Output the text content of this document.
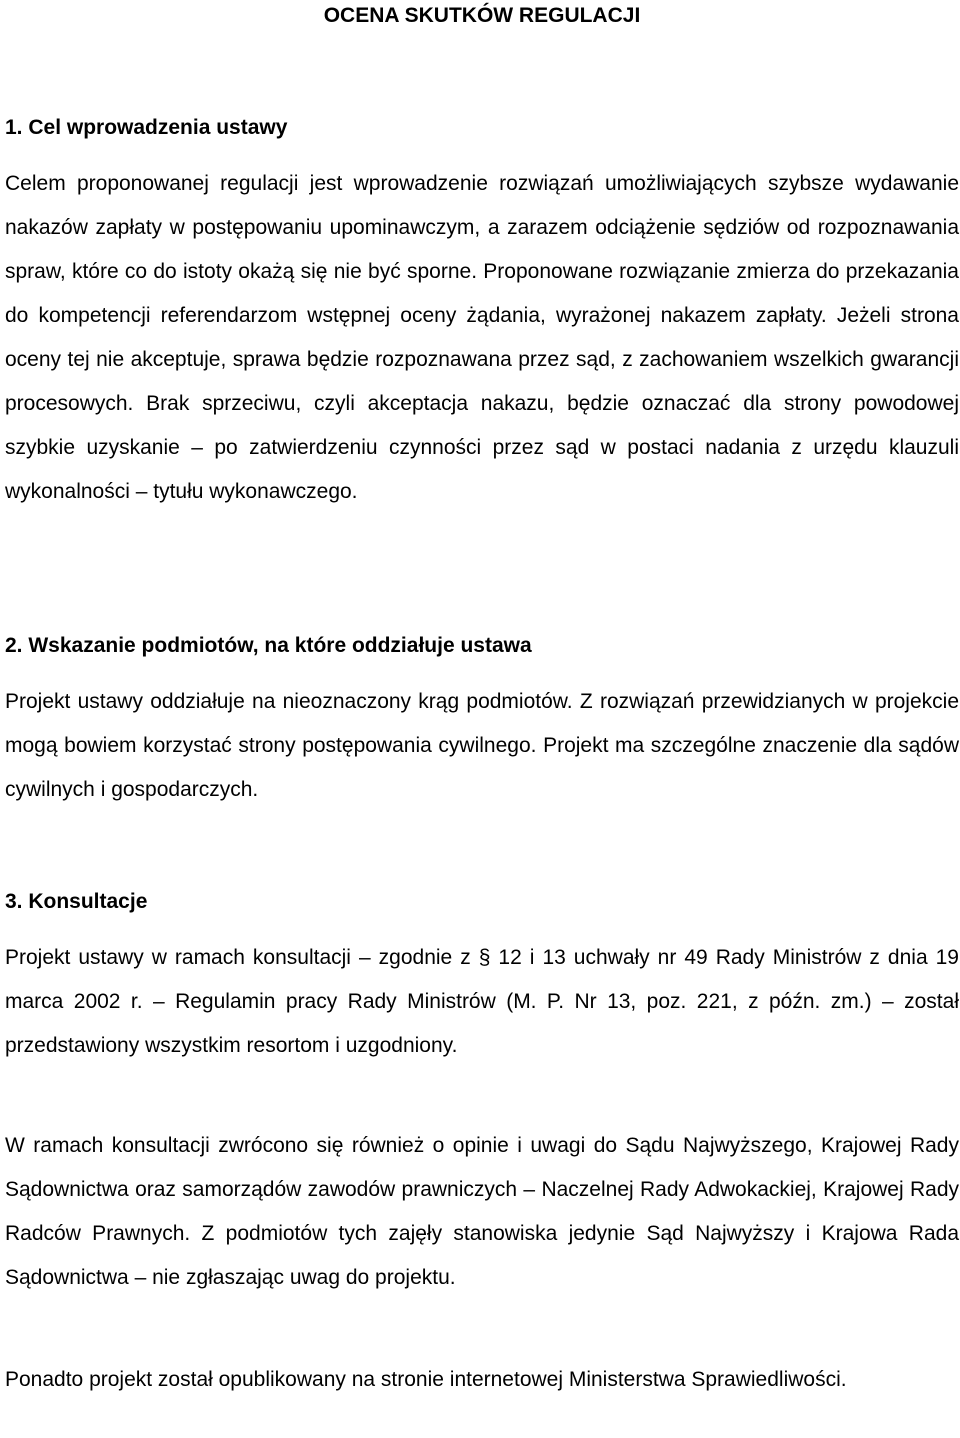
OCENA SKUTKÓW REGULACJI
1. Cel wprowadzenia ustawy

Celem proponowanej regulacji jest wprowadzenie rozwiązań umożliwiających szybsze wydawanie nakazów zapłaty w postępowaniu upominawczym, a zarazem odciążenie sędziów od rozpoznawania spraw, które co do istoty okażą się nie być sporne. Proponowane rozwiązanie zmierza do przekazania do kompetencji referendarzom wstępnej oceny żądania, wyrażonej nakazem zapłaty. Jeżeli strona oceny tej nie akceptuje, sprawa będzie rozpoznawana przez sąd, z zachowaniem wszelkich gwarancji procesowych. Brak sprzeciwu, czyli akceptacja nakazu, będzie oznaczać dla strony powodowej szybkie uzyskanie – po zatwierdzeniu czynności przez sąd w postaci nadania z urzędu klauzuli wykonalności – tytułu wykonawczego.

2. Wskazanie podmiotów, na które oddziałuje ustawa

Projekt ustawy oddziałuje na nieoznaczony krąg podmiotów. Z rozwiązań przewidzianych w projekcie mogą bowiem korzystać strony postępowania cywilnego. Projekt ma szczególne znaczenie dla sądów cywilnych i gospodarczych.

3. Konsultacje

Projekt ustawy w ramach konsultacji – zgodnie z § 12 i 13 uchwały nr 49 Rady Ministrów z dnia 19 marca 2002 r. – Regulamin pracy Rady Ministrów (M. P. Nr 13, poz. 221, z późn. zm.) – został przedstawiony wszystkim resortom i uzgodniony.

W ramach konsultacji zwrócono się również o opinie i uwagi do Sądu Najwyższego, Krajowej Rady Sądownictwa oraz samorządów zawodów prawniczych – Naczelnej Rady Adwokackiej, Krajowej Rady Radców Prawnych. Z podmiotów tych zajęły stanowiska jedynie Sąd Najwyższy i Krajowa Rada Sądownictwa – nie zgłaszając uwag do projektu.

Ponadto projekt został opublikowany na stronie internetowej Ministerstwa Sprawiedliwości.
